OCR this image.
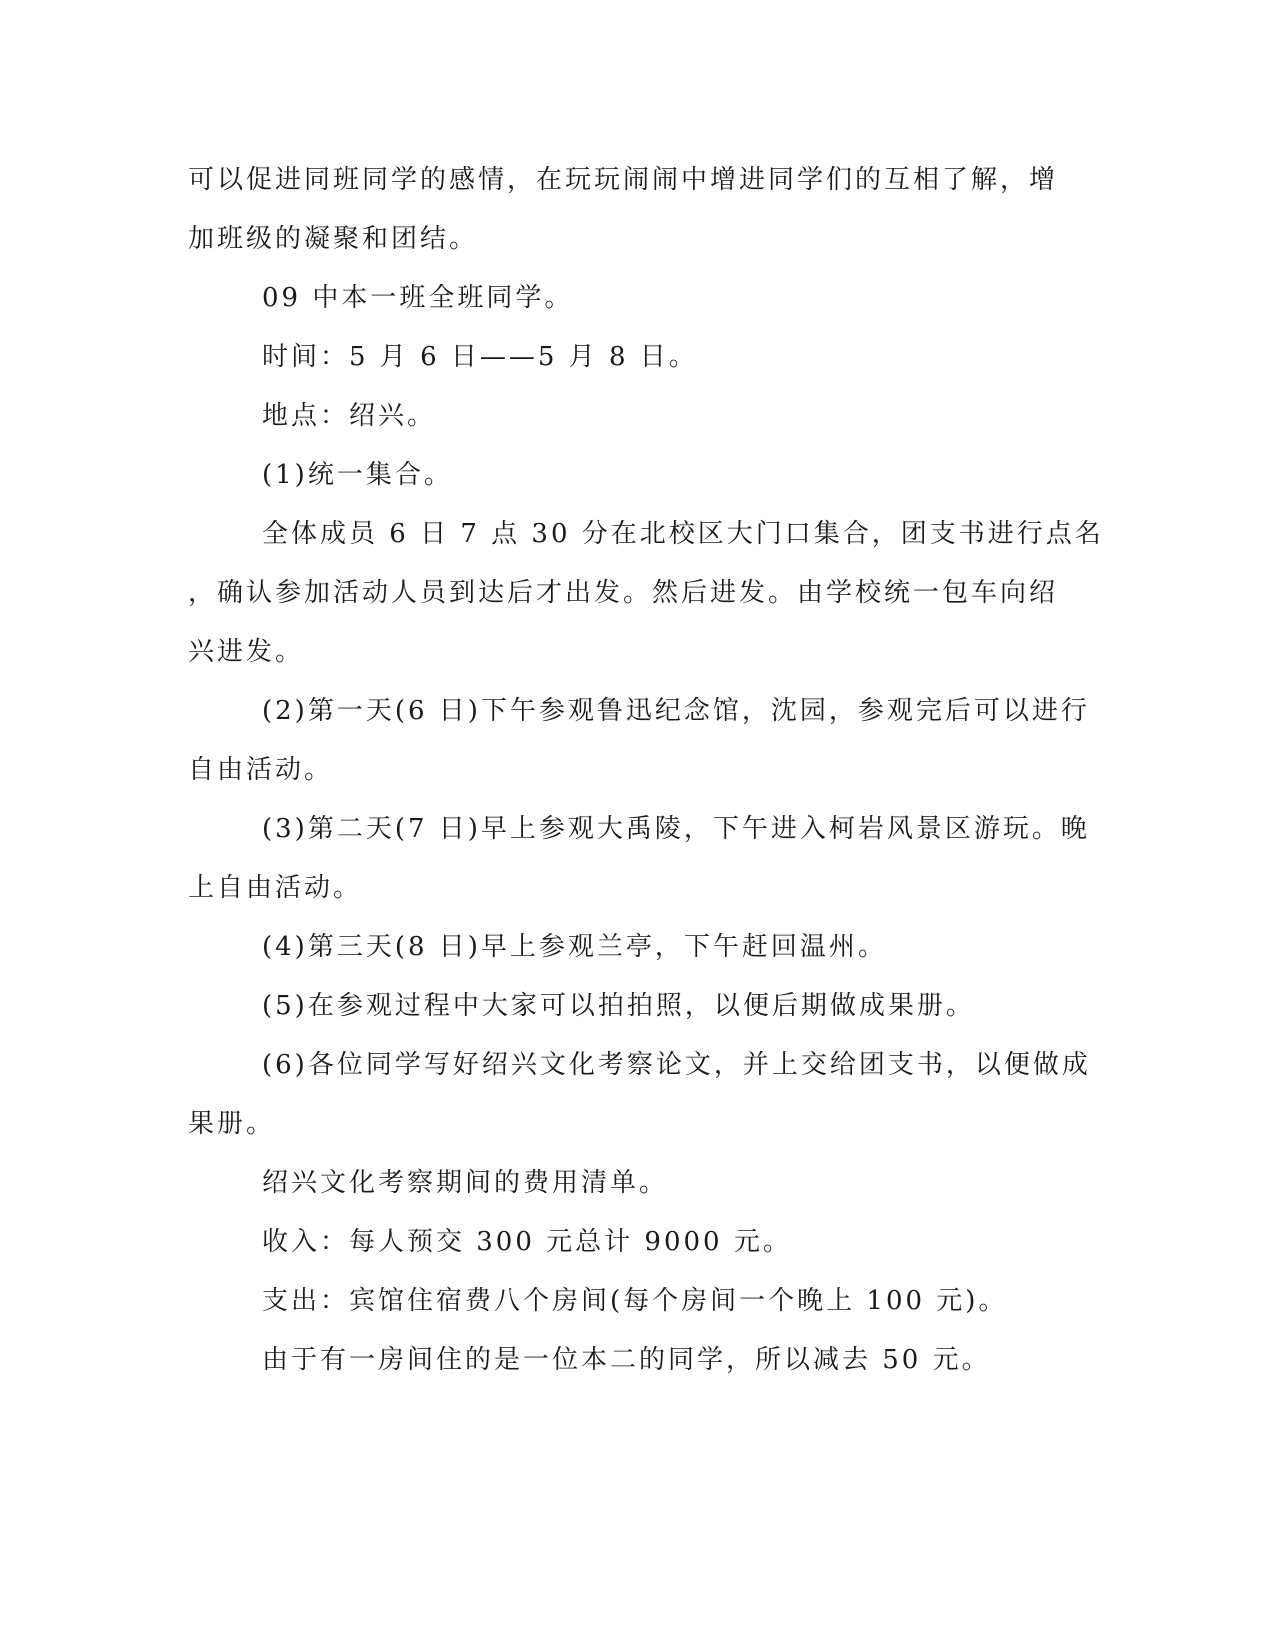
可以促进同班同学的感情，在玩玩闹闹中增进同学们的互相了解，增
加班级的凝聚和团结。
09 中本一班全班同学。
时间：5 月 6 日——5 月 8 日。
地点：绍兴。
(1)统一集合。
全体成员 6 日 7 点 30 分在北校区大门口集合，团支书进行点名
，确认参加活动人员到达后才出发。然后进发。由学校统一包车向绍
兴进发。
(2)第一天(6 日)下午参观鲁迅纪念馆，沈园，参观完后可以进行
自由活动。
(3)第二天(7 日)早上参观大禹陵，下午进入柯岩风景区游玩。晚
上自由活动。
(4)第三天(8 日)早上参观兰亭，下午赶回温州。
(5)在参观过程中大家可以拍拍照，以便后期做成果册。
(6)各位同学写好绍兴文化考察论文，并上交给团支书，以便做成
果册。
绍兴文化考察期间的费用清单。
收入：每人预交 300 元总计 9000 元。
支出：宾馆住宿费八个房间(每个房间一个晚上 100 元)。
由于有一房间住的是一位本二的同学，所以减去 50 元。
